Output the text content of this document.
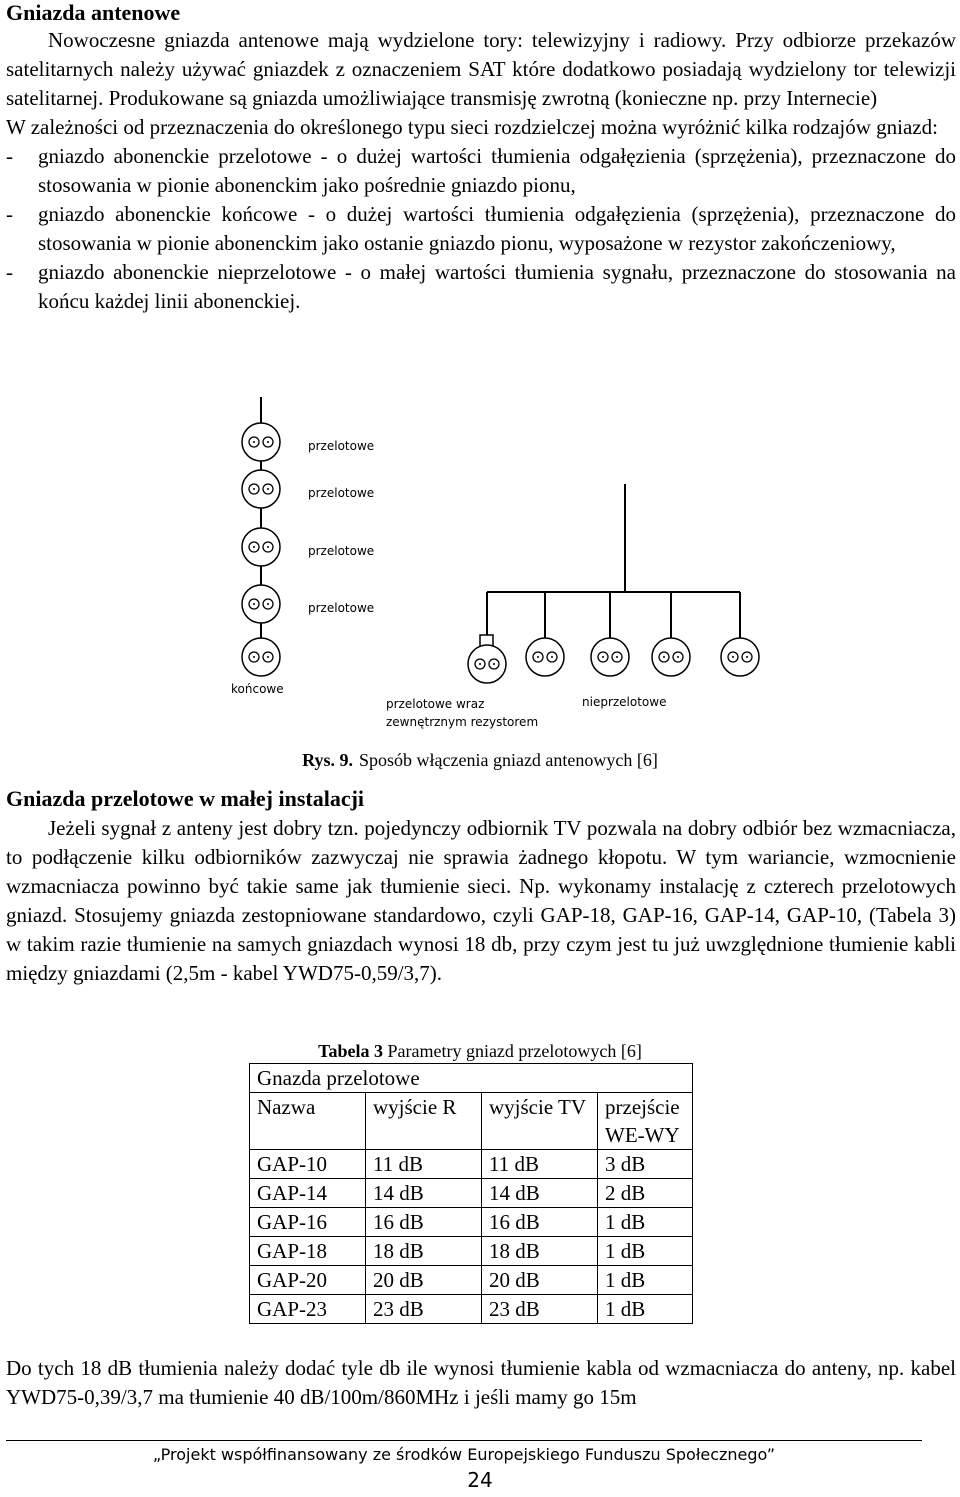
Gniazda antenowe

Nowoczesne gniazda antenowe mają wydzielone tory: telewizyjny i radiowy. Przy odbiorze przekazów satelitarnych należy używać gniazdek z oznaczeniem SAT które dodatkowo posiadają wydzielony tor telewizji satelitarnej. Produkowane są gniazda umożliwiające transmisję zwrotną (konieczne np. przy Internecie)

W zależności od przeznaczenia do określonego typu sieci rozdzielczej można wyróżnić kilka rodzajów gniazd:

-	gniazdo abonenckie przelotowe - o dużej wartości tłumienia odgałęzienia (sprzężenia), przeznaczone do stosowania w pionie abonenckim jako pośrednie gniazdo pionu,

-	gniazdo abonenckie końcowe - o dużej wartości tłumienia odgałęzienia (sprzężenia), przeznaczone do stosowania w pionie abonenckim jako ostanie gniazdo pionu, wyposażone w rezystor zakończeniowy,

-	gniazdo abonenckie nieprzelotowe - o małej wartości tłumienia sygnału, przeznaczone do stosowania na końcu każdej linii abonenckiej.

przelotowe
przelotowe
przelotowe
przelotowe
końcowe
przelotowe wraz
zewnętrznym rezystorem
nieprzelotowe
Rys. 9. Sposób włączenia gniazd antenowych [6]
Gniazda przelotowe w małej instalacji

Jeżeli sygnał z anteny jest dobry tzn. pojedynczy odbiornik TV pozwala na dobry odbiór bez wzmacniacza, to podłączenie kilku odbiorników zazwyczaj nie sprawia żadnego kłopotu. W tym wariancie, wzmocnienie wzmacniacza powinno być takie same jak tłumienie sieci. Np. wykonamy instalację z czterech przelotowych gniazd. Stosujemy gniazda zestopniowane standardowo, czyli GAP-18, GAP-16, GAP-14, GAP-10, (Tabela 3) w takim razie tłumienie na samych gniazdach wynosi 18 db, przy czym jest tu już uwzględnione tłumienie kabli między gniazdami (2,5m - kabel YWD75-0,59/3,7).

Tabela 3 Parametry gniazd przelotowych [6]
Gnazda przelotowe			
Nazwa	wyjście R	wyjście TV	przejście WE-WY
GAP-10	11 dB	11 dB	3 dB
GAP-14	14 dB	14 dB	2 dB
GAP-16	16 dB	16 dB	1 dB
GAP-18	18 dB	18 dB	1 dB
GAP-20	20 dB	20 dB	1 dB
GAP-23	23 dB	23 dB	1 dB

Do tych 18 dB tłumienia należy dodać tyle db ile wynosi tłumienie kabla od wzmacniacza do anteny, np. kabel YWD75-0,39/3,7 ma tłumienie 40 dB/100m/860MHz i jeśli mamy go 15m

„Projekt współfinansowany ze środków Europejskiego Funduszu Społecznego”
24
